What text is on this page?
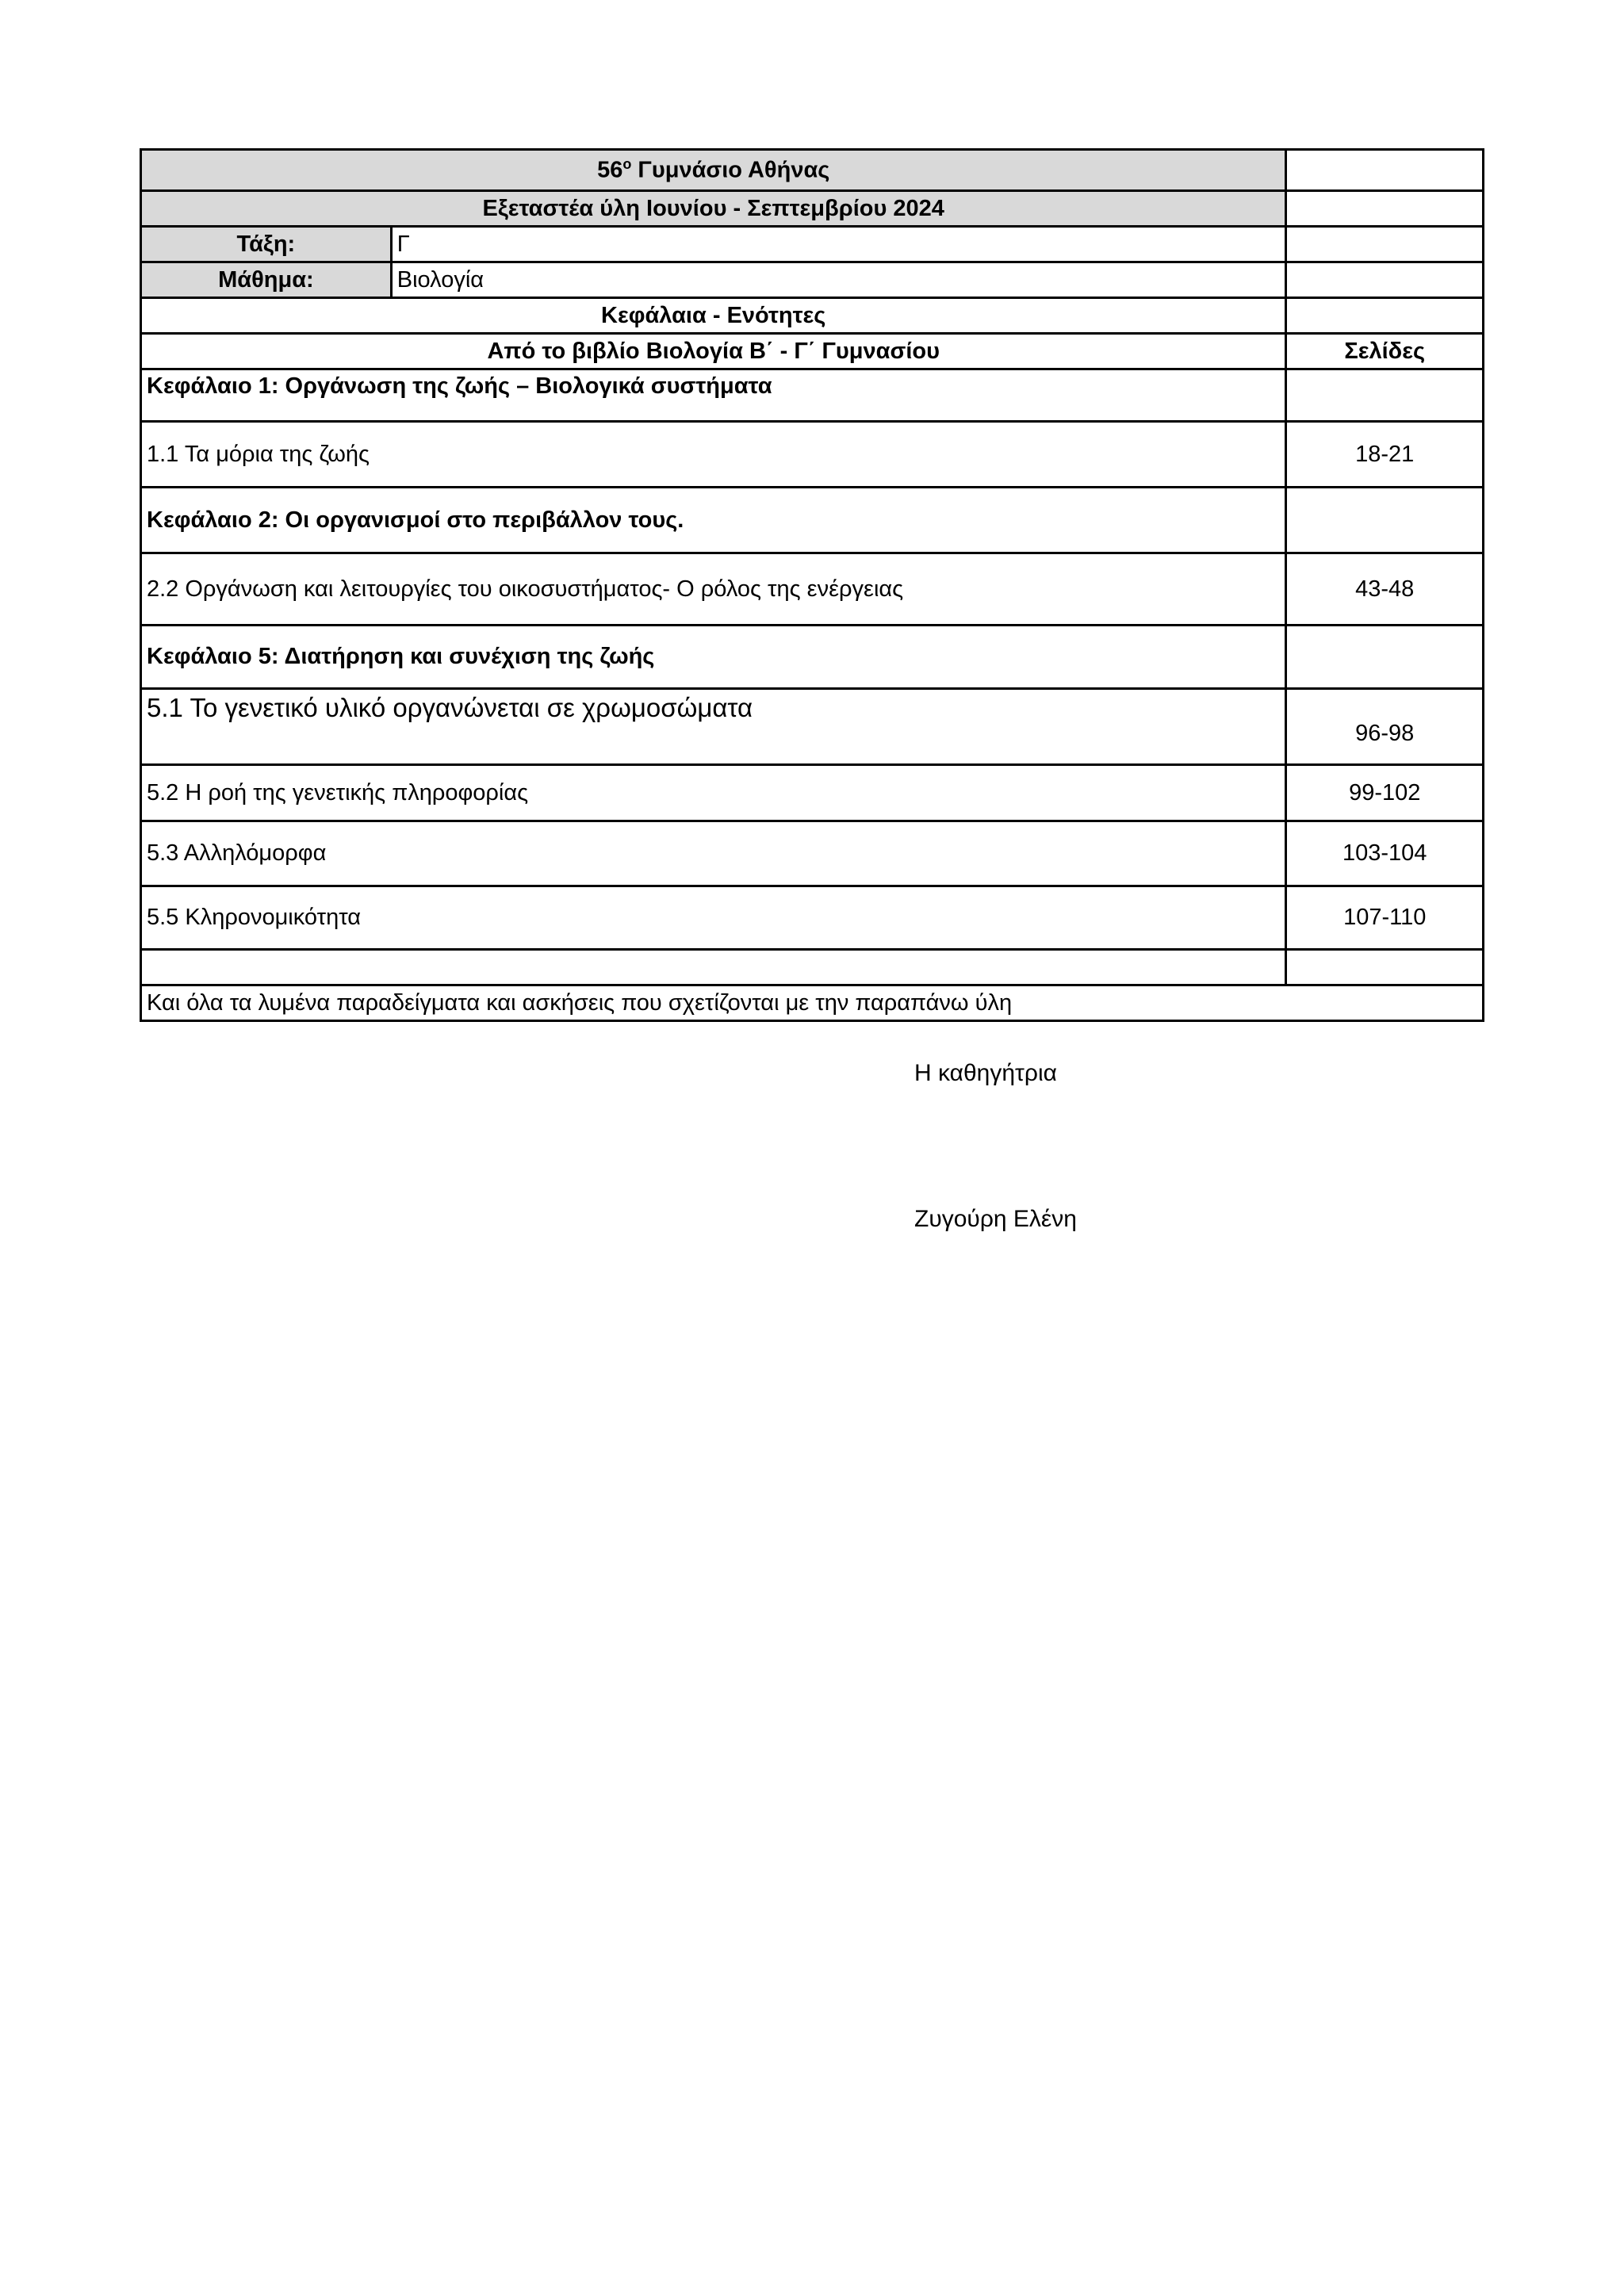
$56^o$ Γυμνάσιο Αθήνας		
Εξεταστέα ύλη Ιουνίου - Σεπτεμβρίου 2024		
Τάξη:	Γ	
Μάθημα:	Βιολογία	
Κεφάλαια - Ενότητες		
Από το βιβλίο Βιολογία Β΄ - Γ΄ Γυμνασίου		Σελίδες
Κεφάλαιο 1: Οργάνωση της ζωής – Βιολογικά συστήματα		
1.1 Τα μόρια της ζωής		18-21
Κεφάλαιο 2: Οι οργανισμοί στο περιβάλλον τους.		
2.2 Οργάνωση και λειτουργίες του οικοσυστήματος- Ο ρόλος της ενέργειας		43-48
Κεφάλαιο 5: Διατήρηση και συνέχιση της ζωής		
5.1 Το γενετικό υλικό οργανώνεται σε χρωμοσώματα		96-98
5.2 Η ροή της γενετικής πληροφορίας		99-102
5.3 Αλληλόμορφα		103-104
5.5 Κληρονομικότητα		107-110

Και όλα τα λυμένα παραδείγματα και ασκήσεις που σχετίζονται με την παραπάνω ύλη		
Η καθηγήτρια
Ζυγούρη Ελένη
